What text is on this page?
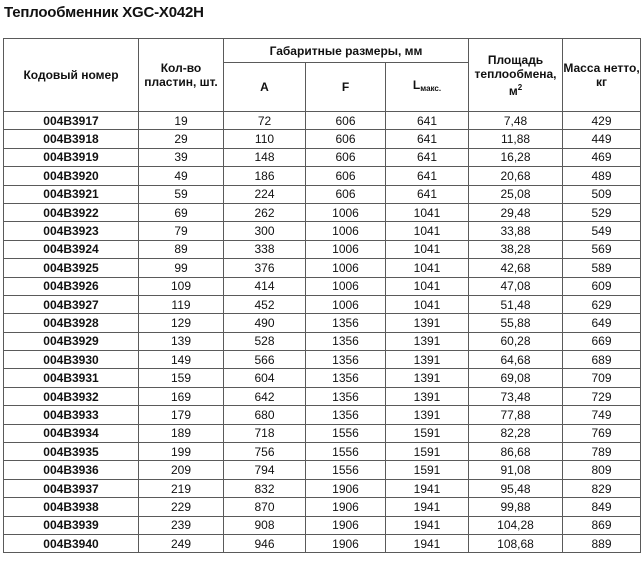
Теплообменник XGC-X042H
Кодовый номер	Кол-во пластин, шт.	Габаритные размеры, мм			Площадь теплообмена, $м^2$	Масса нетто, кг
		A	F	$L_{макс.}$
004B3917	19	72	606	641	7,48	429
004B3918	29	110	606	641	11,88	449
004B3919	39	148	606	641	16,28	469
004B3920	49	186	606	641	20,68	489
004B3921	59	224	606	641	25,08	509
004B3922	69	262	1006	1041	29,48	529
004B3923	79	300	1006	1041	33,88	549
004B3924	89	338	1006	1041	38,28	569
004B3925	99	376	1006	1041	42,68	589
004B3926	109	414	1006	1041	47,08	609
004B3927	119	452	1006	1041	51,48	629
004B3928	129	490	1356	1391	55,88	649
004B3929	139	528	1356	1391	60,28	669
004B3930	149	566	1356	1391	64,68	689
004B3931	159	604	1356	1391	69,08	709
004B3932	169	642	1356	1391	73,48	729
004B3933	179	680	1356	1391	77,88	749
004B3934	189	718	1556	1591	82,28	769
004B3935	199	756	1556	1591	86,68	789
004B3936	209	794	1556	1591	91,08	809
004B3937	219	832	1906	1941	95,48	829
004B3938	229	870	1906	1941	99,88	849
004B3939	239	908	1906	1941	104,28	869
004B3940	249	946	1906	1941	108,68	889
